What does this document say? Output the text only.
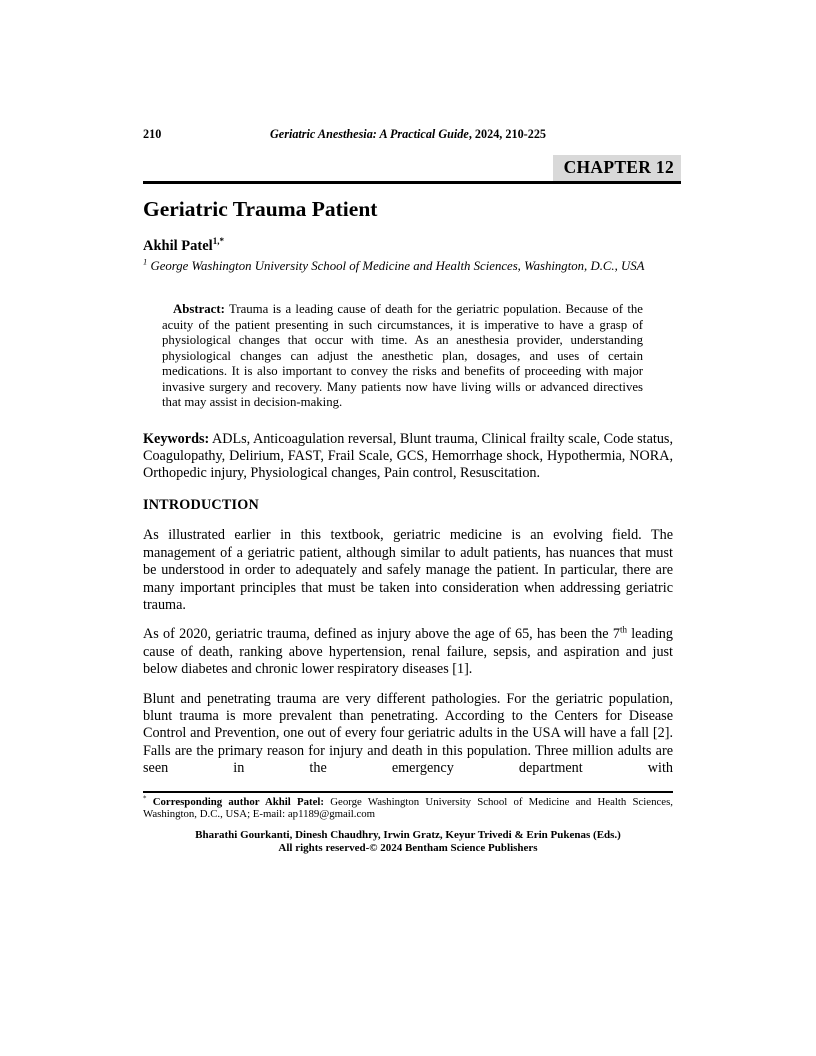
210	Geriatric Anesthesia: A Practical Guide, 2024, 210-225
CHAPTER 12
Geriatric Trauma Patient
Akhil Patel$^{1,*}$
$^1$ George Washington University School of Medicine and Health Sciences, Washington, D.C., USA
Abstract: Trauma is a leading cause of death for the geriatric population. Because of the acuity of the patient presenting in such circumstances, it is imperative to have a grasp of physiological changes that occur with time. As an anesthesia provider, understanding physiological changes can adjust the anesthetic plan, dosages, and uses of certain medications. It is also important to convey the risks and benefits of proceeding with major invasive surgery and recovery. Many patients now have living wills or advanced directives that may assist in decision-making.
Keywords: ADLs, Anticoagulation reversal, Blunt trauma, Clinical frailty scale, Code status, Coagulopathy, Delirium, FAST, Frail Scale, GCS, Hemorrhage shock, Hypothermia, NORA, Orthopedic injury, Physiological changes, Pain control, Resuscitation.
INTRODUCTION

As illustrated earlier in this textbook, geriatric medicine is an evolving field. The management of a geriatric patient, although similar to adult patients, has nuances that must be understood in order to adequately and safely manage the patient. In particular, there are many important principles that must be taken into consideration when addressing geriatric trauma.

As of 2020, geriatric trauma, defined as injury above the age of 65, has been the 7th leading cause of death, ranking above hypertension, renal failure, sepsis, and aspiration and just below diabetes and chronic lower respiratory diseases [1].

Blunt and penetrating trauma are very different pathologies. For the geriatric population, blunt trauma is more prevalent than penetrating. According to the Centers for Disease Control and Prevention, one out of every four geriatric adults in the USA will have a fall [2]. Falls are the primary reason for injury and death in this population. Three million adults are seen in the emergency department with

* Corresponding author Akhil Patel: George Washington University School of Medicine and Health Sciences, Washington, D.C., USA; E-mail: ap1189@gmail.com
Bharathi Gourkanti, Dinesh Chaudhry, Irwin Gratz, Keyur Trivedi & Erin Pukenas (Eds.)
All rights reserved-© 2024 Bentham Science Publishers
